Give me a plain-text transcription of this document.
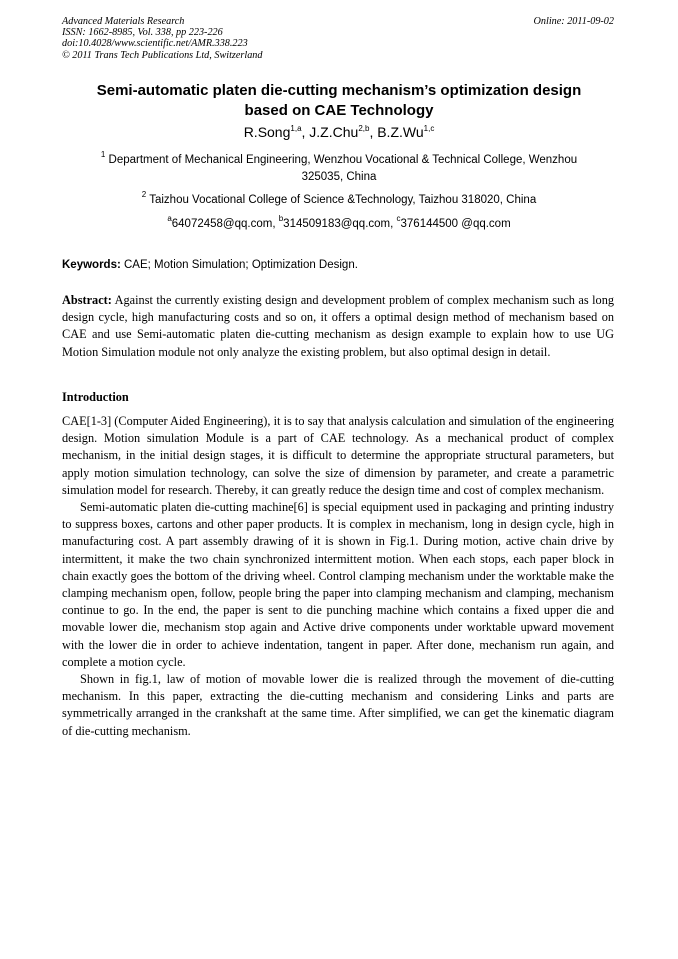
Advanced Materials Research
ISSN: 1662-8985, Vol. 338, pp 223-226
doi:10.4028/www.scientific.net/AMR.338.223
© 2011 Trans Tech Publications Ltd, Switzerland
Online: 2011-09-02
Semi-automatic platen die-cutting mechanism’s optimization design
based on CAE Technology
R.Song$^{1,a}$, J.Z.Chu$^{2,b}$, B.Z.Wu$^{1,c}$
$^1$ Department of Mechanical Engineering, Wenzhou Vocational & Technical College, Wenzhou
325035, China
$^2$ Taizhou Vocational College of Science &Technology, Taizhou 318020, China
$^a$64072458@qq.com, $^b$314509183@qq.com, $^c$376144500 @qq.com
Keywords: CAE; Motion Simulation; Optimization Design.

Abstract: Against the currently existing design and development problem of complex mechanism such as long design cycle, high manufacturing costs and so on, it offers a optimal design method of mechanism based on CAE and use Semi-automatic platen die-cutting mechanism as design example to explain how to use UG Motion Simulation module not only analyze the existing problem, but also optimal design in detail.

Introduction

CAE[1-3] (Computer Aided Engineering), it is to say that analysis calculation and simulation of the engineering design. Motion simulation Module is a part of CAE technology. As a mechanical product of complex mechanism, in the initial design stages, it is difficult to determine the appropriate structural parameters, but apply motion simulation technology, can solve the size of dimension by parameter, and create a parametric simulation model for research. Thereby, it can greatly reduce the design time and cost of complex mechanism.

Semi-automatic platen die-cutting machine[6] is special equipment used in packaging and printing industry to suppress boxes, cartons and other paper products. It is complex in mechanism, long in design cycle, high in manufacturing cost. A part assembly drawing of it is shown in Fig.1. During motion, active chain drive by intermittent, it make the two chain synchronized intermittent motion. When each stops, each paper block in chain exactly goes the bottom of the driving wheel. Control clamping mechanism under the worktable make the clamping mechanism open, follow, people bring the paper into clamping mechanism and clamping, mechanism continue to go. In the end, the paper is sent to die punching machine which contains a fixed upper die and movable lower die, mechanism stop again and Active drive components under worktable upward movement with the lower die in order to achieve indentation, tangent in paper. After done, mechanism run again, and complete a motion cycle.

Shown in fig.1, law of motion of movable lower die is realized through the movement of die-cutting mechanism. In this paper, extracting the die-cutting mechanism and considering Links and parts are symmetrically arranged in the crankshaft at the same time. After simplified, we can get the kinematic diagram of die-cutting mechanism.
